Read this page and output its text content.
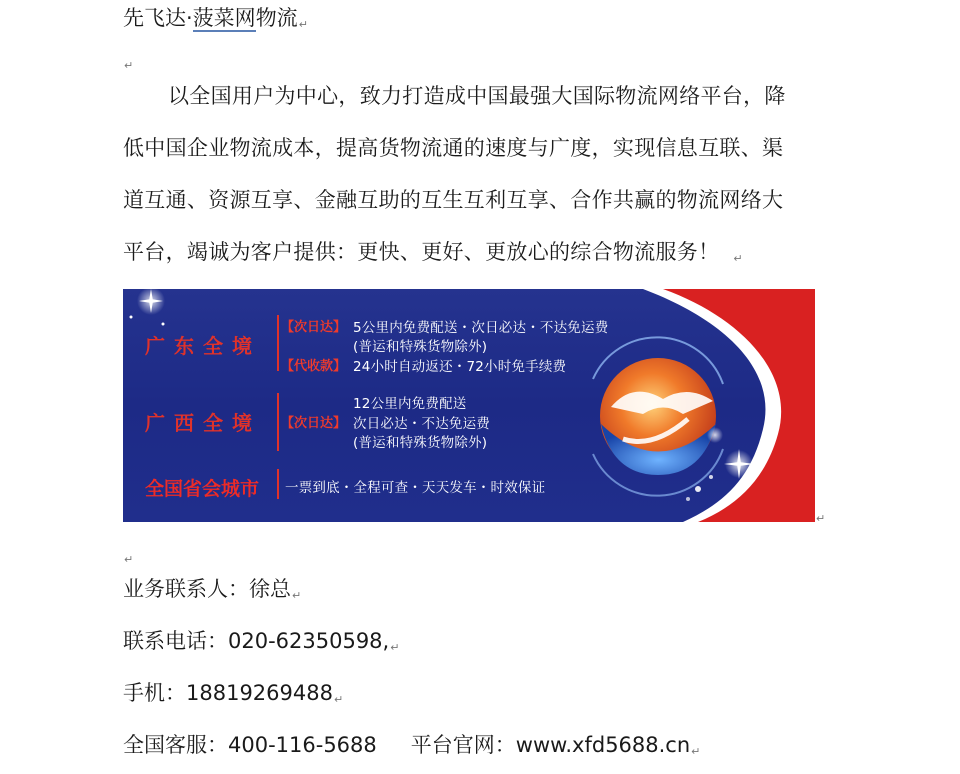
先飞达·菠菜网物流↵
↵
以全国用户为中心，致力打造成中国最强大国际物流网络平台，降
低中国企业物流成本，提高货物流通的速度与广度，实现信息互联、渠
道互通、资源互享、金融互助的互生互利互享、合作共赢的物流网络大
平台，竭诚为客户提供：更快、更好、更放心的综合物流服务！ ↵
广东全境
【次日达】 5公里内免费配送・次日必达・不达免运费
(普运和特殊货物除外)
【代收款】 24小时自动返还・72小时免手续费
广西全境 【次日达】
12公里内免费配送
次日必达・不达免运费
(普运和特殊货物除外)
全国省会城市 一票到底・全程可查・天天发车・时效保证
↵
↵
业务联系人：徐总↵
联系电话：020-62350598,↵
手机：18819269488↵
全国客服：400-116-5688 平台官网：www.xfd5688.cn↵
